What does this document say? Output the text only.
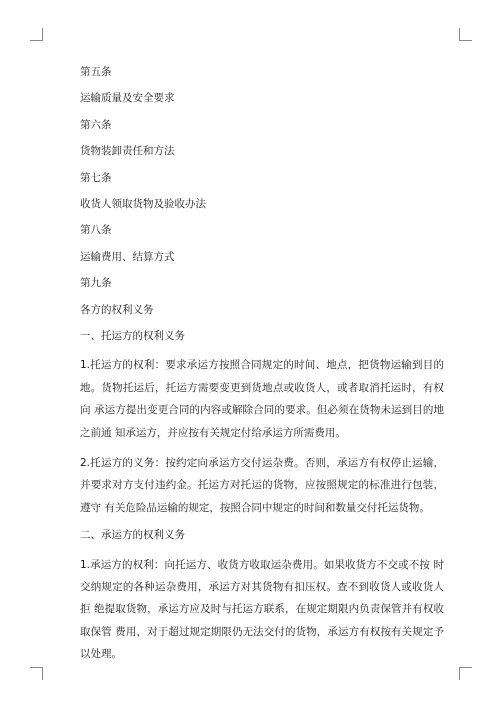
第五条
运输质量及安全要求
第六条
货物装卸责任和方法
第七条
收货人领取货物及验收办法
第八条
运输费用、结算方式
第九条
各方的权利义务
一、托运方的权利义务
1.托运方的权利：要求承运方按照合同规定的时间、地点，把货物运输到目的地。货物托运后，托运方需要变更到货地点或收货人，或者取消托运时，有权向 承运方提出变更合同的内容或解除合同的要求。但必须在货物未运到目的地之前通 知承运方，并应按有关规定付给承运方所需费用。
2.托运方的义务：按约定向承运方交付运杂费。否则，承运方有权停止运输，并要求对方支付违约金。托运方对托运的货物，应按照规定的标准进行包装，遵守 有关危险品运输的规定，按照合同中规定的时间和数量交付托运货物。
二、承运方的权利义务
1.承运方的权利：向托运方、收货方收取运杂费用。如果收货方不交或不按 时交纳规定的各种运杂费用，承运方对其货物有扣压权。查不到收货人或收货人拒 绝提取货物，承运方应及时与托运方联系，在规定期限内负责保管并有权收取保管 费用，对于超过规定期限仍无法交付的货物，承运方有权按有关规定予以处理。
